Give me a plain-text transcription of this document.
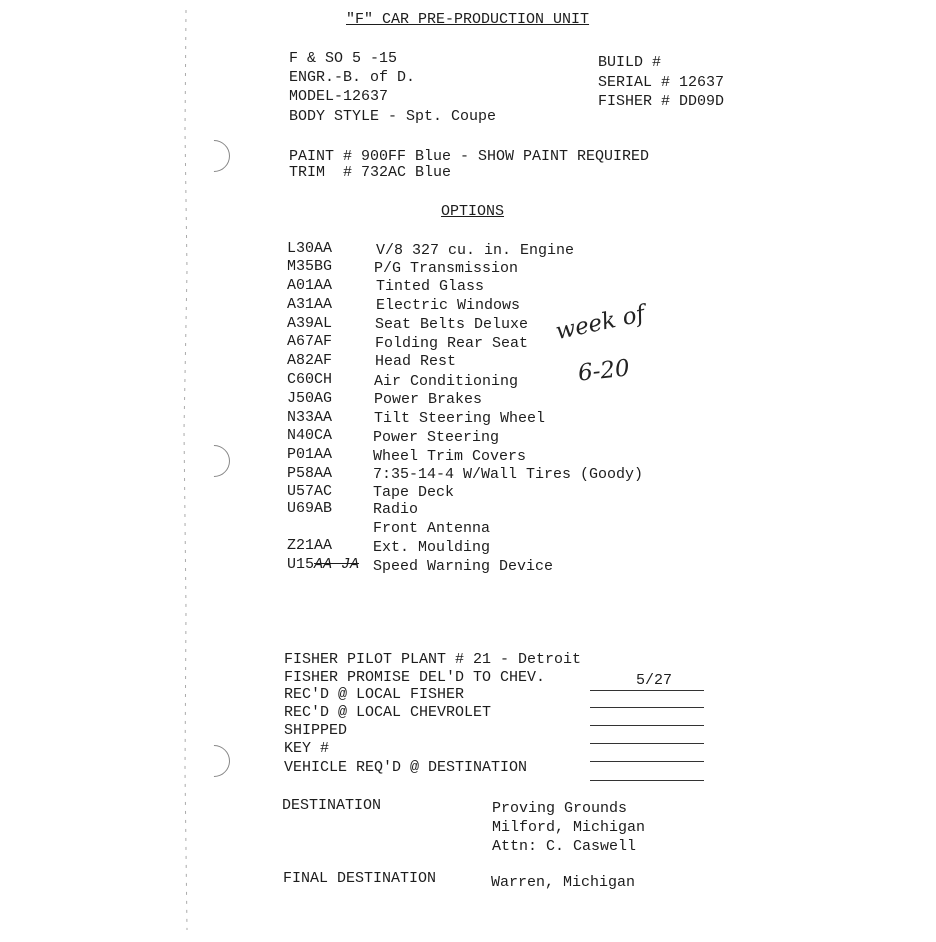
"F" CAR PRE-PRODUCTION UNIT
F & SO 5 -15
ENGR.-B. of D.
MODEL-12637
BODY STYLE - Spt. Coupe
BUILD #
SERIAL # 12637
FISHER # DD09D
PAINT # 900FF Blue - SHOW PAINT REQUIRED
TRIM  # 732AC Blue
OPTIONS
L30AA	V/8 327 cu. in. Engine
M35BG	P/G Transmission
A01AA	Tinted Glass
A31AA	Electric Windows
A39AL	Seat Belts Deluxe
A67AF	Folding Rear Seat
A82AF	Head Rest
C60CH	Air Conditioning
J50AG	Power Brakes
N33AA	Tilt Steering Wheel
N40CA	Power Steering
P01AA	Wheel Trim Covers
P58AA	7:35-14-4 W/Wall Tires (Goody)
U57AC	Tape Deck
U69AB	Radio
Front Antenna
Z21AA	Ext. Moulding
U15 AA JA Speed Warning Device
week of
6-20
FISHER PILOT PLANT # 21 - Detroit
FISHER PROMISE DEL'D TO CHEV.	5/27
REC'D @ LOCAL FISHER
REC'D @ LOCAL CHEVROLET
SHIPPED
KEY #
VEHICLE REQ'D @ DESTINATION
DESTINATION	Proving Grounds
Milford, Michigan
Attn: C. Caswell
FINAL DESTINATION	Warren, Michigan
